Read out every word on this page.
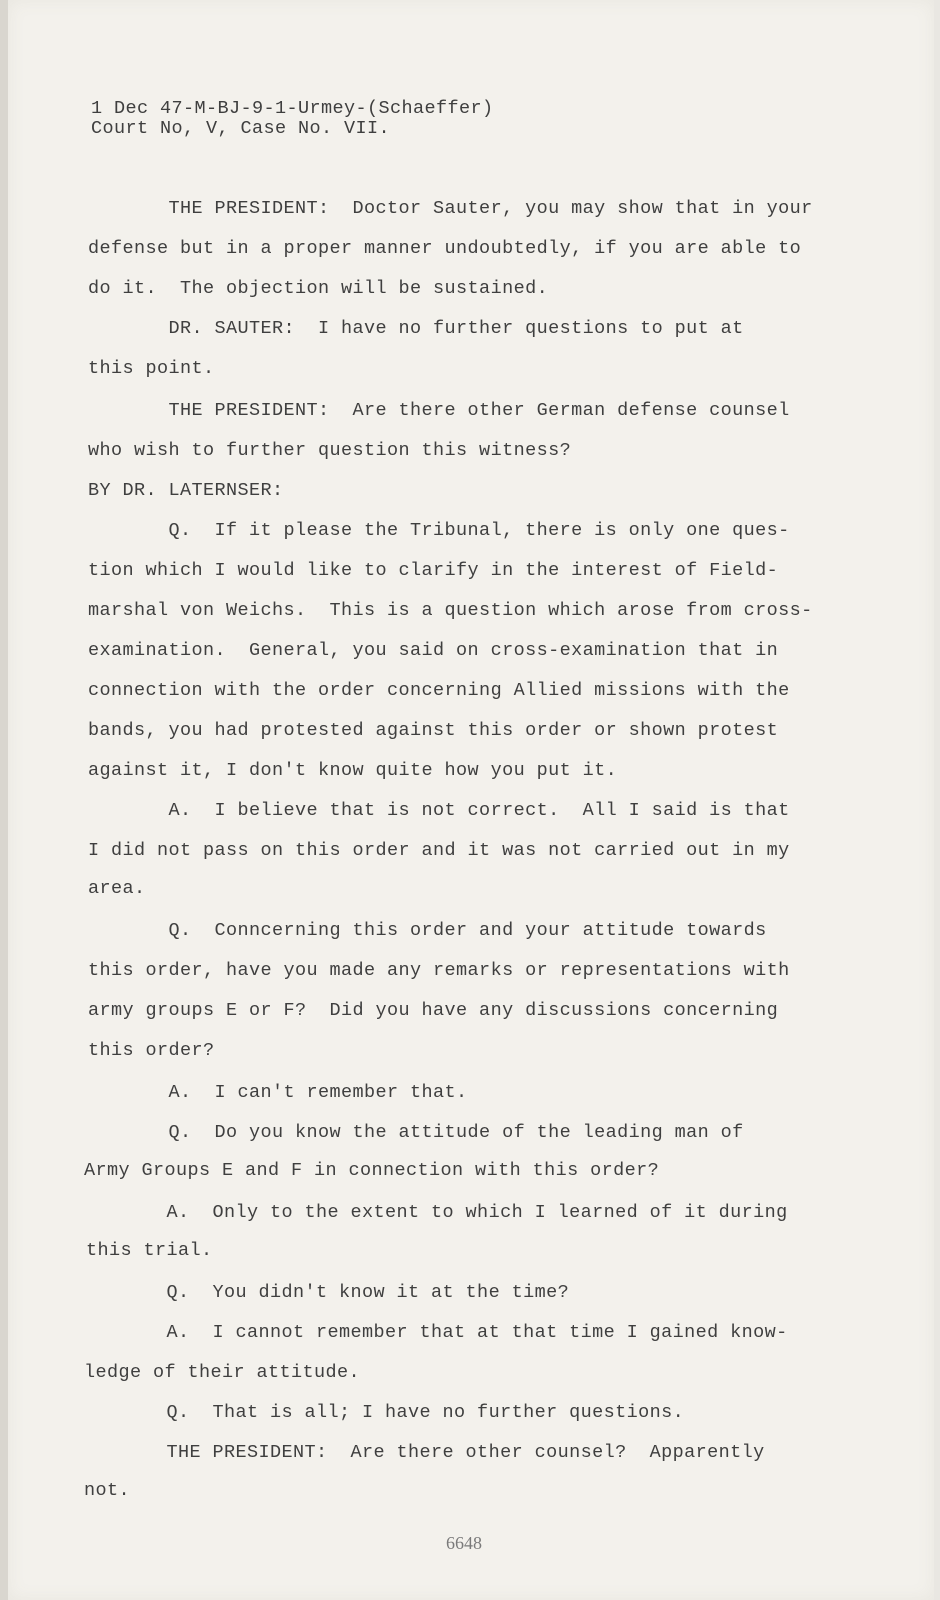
1 Dec 47-M-BJ-9-1-Urmey-(Schaeffer)
Court No, V, Case No. VII.
THE PRESIDENT:  Doctor Sauter, you may show that in your
defense but in a proper manner undoubtedly, if you are able to
do it.  The objection will be sustained.
DR. SAUTER:  I have no further questions to put at
this point.
THE PRESIDENT:  Are there other German defense counsel
who wish to further question this witness?
BY DR. LATERNSER:
Q.  If it please the Tribunal, there is only one ques-
tion which I would like to clarify in the interest of Field-
marshal von Weichs.  This is a question which arose from cross-
examination.  General, you said on cross-examination that in
connection with the order concerning Allied missions with the
bands, you had protested against this order or shown protest
against it, I don't know quite how you put it.
A.  I believe that is not correct.  All I said is that
I did not pass on this order and it was not carried out in my
area.
Q.  Conncerning this order and your attitude towards
this order, have you made any remarks or representations with
army groups E or F?  Did you have any discussions concerning
this order?
A.  I can't remember that.
Q.  Do you know the attitude of the leading man of
Army Groups E and F in connection with this order?
A.  Only to the extent to which I learned of it during
this trial.
Q.  You didn't know it at the time?
A.  I cannot remember that at that time I gained know-
ledge of their attitude.
Q.  That is all; I have no further questions.
THE PRESIDENT:  Are there other counsel?  Apparently
not.
6648
